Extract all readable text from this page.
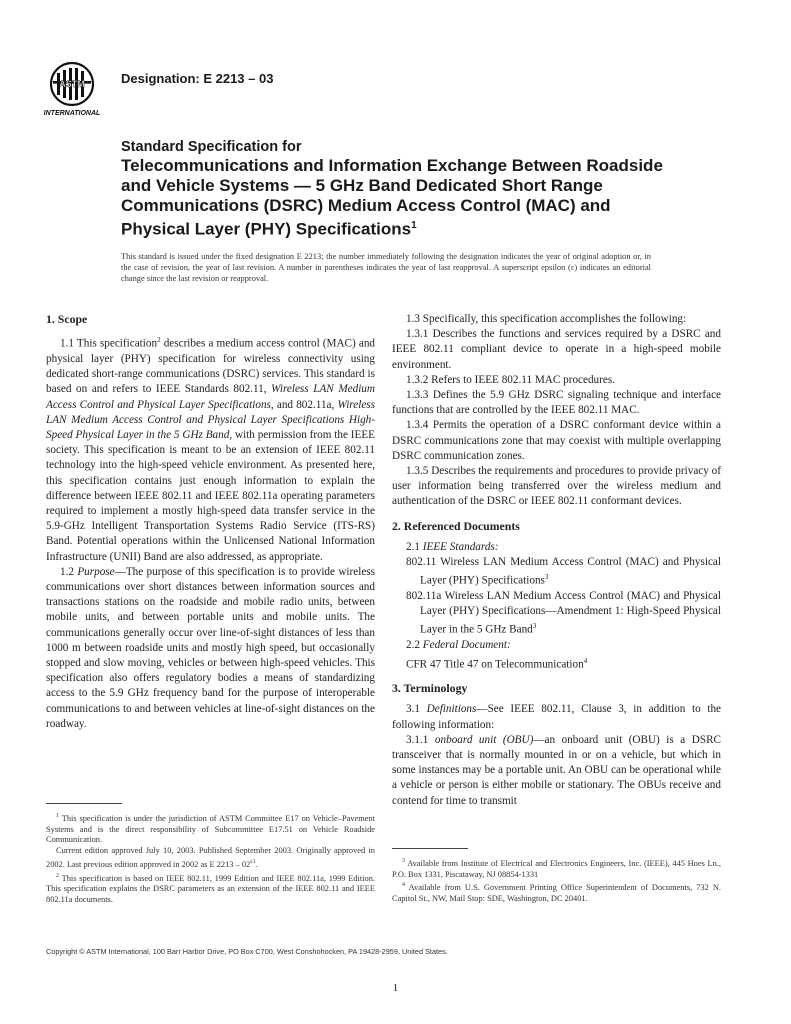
ASTM
INTERNATIONAL
Designation: E 2213 – 03
Standard Specification for
Telecommunications and Information Exchange Between Roadside and Vehicle Systems — 5 GHz Band Dedicated Short Range Communications (DSRC) Medium Access Control (MAC) and Physical Layer (PHY) Specifications$^1$
This standard is issued under the fixed designation E 2213; the number immediately following the designation indicates the year of original adoption or, in the case of revision, the year of last revision. A number in parentheses indicates the year of last reapproval. A superscript epsilon (ε) indicates an editorial change since the last revision or reapproval.
1. Scope

1.1 This specification$^2$ describes a medium access control (MAC) and physical layer (PHY) specification for wireless connectivity using dedicated short-range communications (DSRC) services. This standard is based on and refers to IEEE Standards 802.11, Wireless LAN Medium Access Control and Physical Layer Specifications, and 802.11a, Wireless LAN Medium Access Control and Physical Layer Specifications High-Speed Physical Layer in the 5 GHz Band, with permission from the IEEE society. This specification is meant to be an extension of IEEE 802.11 technology into the high-speed vehicle environment. As presented here, this specification contains just enough information to explain the difference between IEEE 802.11 and IEEE 802.11a operating parameters required to implement a mostly high-speed data transfer service in the 5.9-GHz Intelligent Transportation Systems Radio Service (ITS-RS) Band. Potential operations within the Unlicensed National Information Infrastructure (UNII) Band are also addressed, as appropriate.

1.2 Purpose—The purpose of this specification is to provide wireless communications over short distances between information sources and transactions stations on the roadside and mobile radio units, between mobile units, and between portable units and mobile units. The communications generally occur over line-of-sight distances of less than 1000 m between roadside units and mostly high speed, but occasionally stopped and slow moving, vehicles or between high-speed vehicles. This specification also offers regulatory bodies a means of standardizing access to the 5.9 GHz frequency band for the purpose of interoperable communications to and between vehicles at line-of-sight distances on the roadway.

1.3 Specifically, this specification accomplishes the following:

1.3.1 Describes the functions and services required by a DSRC and IEEE 802.11 compliant device to operate in a high-speed mobile environment.

1.3.2 Refers to IEEE 802.11 MAC procedures.

1.3.3 Defines the 5.9 GHz DSRC signaling technique and interface functions that are controlled by the IEEE 802.11 MAC.

1.3.4 Permits the operation of a DSRC conformant device within a DSRC communications zone that may coexist with multiple overlapping DSRC communication zones.

1.3.5 Describes the requirements and procedures to provide privacy of user information being transferred over the wireless medium and authentication of the DSRC or IEEE 802.11 conformant devices.

2. Referenced Documents

2.1 IEEE Standards:

802.11 Wireless LAN Medium Access Control (MAC) and Physical Layer (PHY) Specifications$^3$

802.11a Wireless LAN Medium Access Control (MAC) and Physical Layer (PHY) Specifications—Amendment 1: High-Speed Physical Layer in the 5 GHz Band$^3$

2.2 Federal Document:

CFR 47 Title 47 on Telecommunication$^4$

3. Terminology

3.1 Definitions—See IEEE 802.11, Clause 3, in addition to the following information:

3.1.1 onboard unit (OBU)—an onboard unit (OBU) is a DSRC transceiver that is normally mounted in or on a vehicle, but which in some instances may be a portable unit. An OBU can be operational while a vehicle or person is either mobile or stationary. The OBUs receive and contend for time to transmit

$^1$ This specification is under the jurisdiction of ASTM Committee E17 on Vehicle–Pavement Systems and is the direct responsibility of Subcommittee E17.51 on Vehicle Roadside Communication.

Current edition approved July 10, 2003. Published September 2003. Originally approved in 2002. Last previous edition approved in 2002 as E $2213 - 02^{\varepsilon 1}$.

$^2$ This specification is based on IEEE 802.11, 1999 Edition and IEEE 802.11a, 1999 Edition. This specification explains the DSRC parameters as an extension of the IEEE 802.11 and IEEE 802.11a documents.

$^3$ Available from Institute of Electrical and Electronics Engineers, Inc. (IEEE), 445 Hoes Ln., P.O. Box 1331, Piscataway, NJ 08854-1331

$^4$ Available from U.S. Government Printing Office Superintendent of Documents, 732 N. Capitol St., NW, Mail Stop: SDE, Washington, DC 20401.

Copyright © ASTM International, 100 Barr Harbor Drive, PO Box C700, West Conshohocken, PA 19428-2959, United States.
1
